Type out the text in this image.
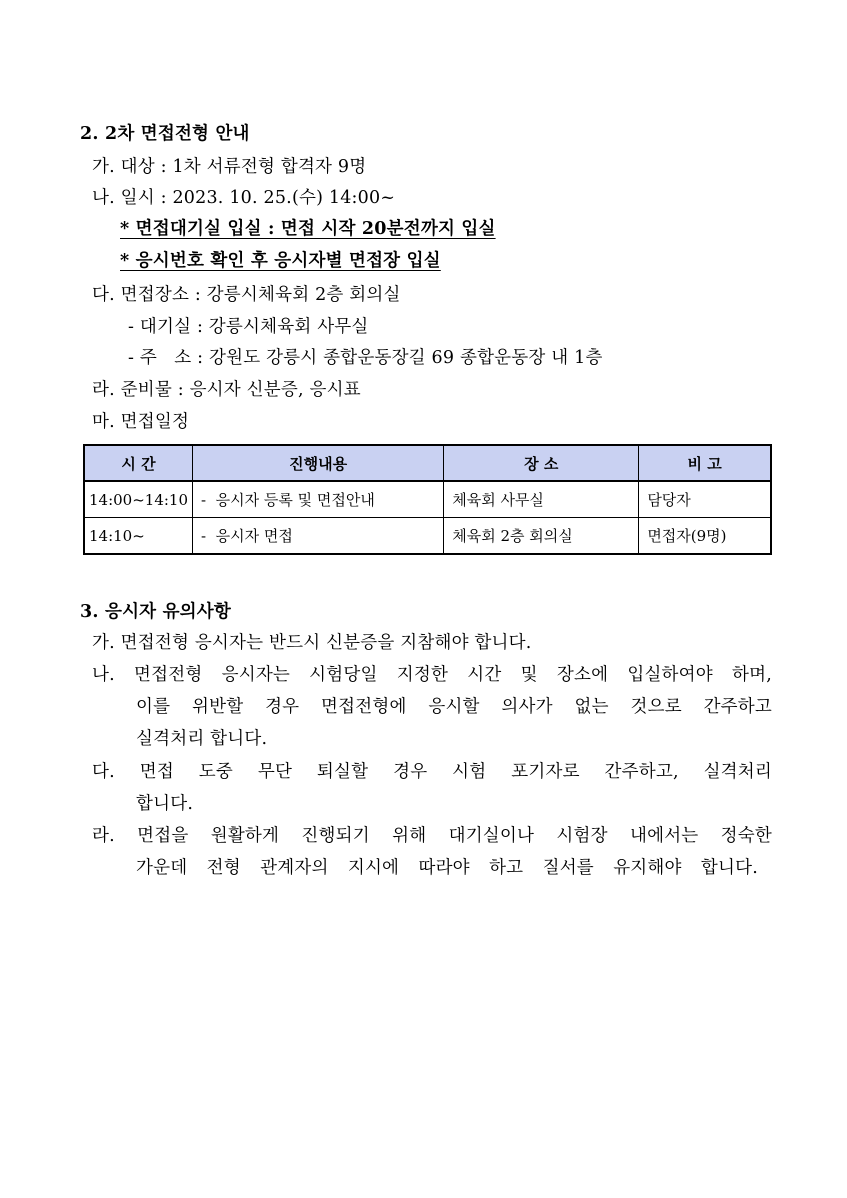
2. 2차 면접전형 안내
가. 대상 : 1차 서류전형 합격자 9명
나. 일시 : 2023. 10. 25.(수) 14:00~
* 면접대기실 입실 : 면접 시작 20분전까지 입실
* 응시번호 확인 후 응시자별 면접장 입실
다. 면접장소 : 강릉시체육회 2층 회의실
- 대기실 : 강릉시체육회 사무실
- 주   소 : 강원도 강릉시 종합운동장길 69 종합운동장 내 1층
라. 준비물 : 응시자 신분증, 응시표
마. 면접일정
시 간	진행내용	장 소	비 고
14:00~14:10	-  응시자 등록 및 면접안내	체육회 사무실	담당자
14:10~	-  응시자 면접	체육회 2층 회의실	면접자(9명)
3. 응시자 유의사항
가. 면접전형 응시자는 반드시 신분증을 지참해야 합니다.
나. 면접전형 응시자는 시험당일 지정한 시간 및 장소에 입실하여야 하며,
이를 위반할 경우 면접전형에 응시할 의사가 없는 것으로 간주하고
실격처리 합니다.
다. 면접 도중 무단 퇴실할 경우 시험 포기자로 간주하고, 실격처리
합니다.
라. 면접을 원활하게 진행되기 위해 대기실이나 시험장 내에서는 정숙한
가운데 전형 관계자의 지시에 따라야 하고 질서를 유지해야 합니다.
